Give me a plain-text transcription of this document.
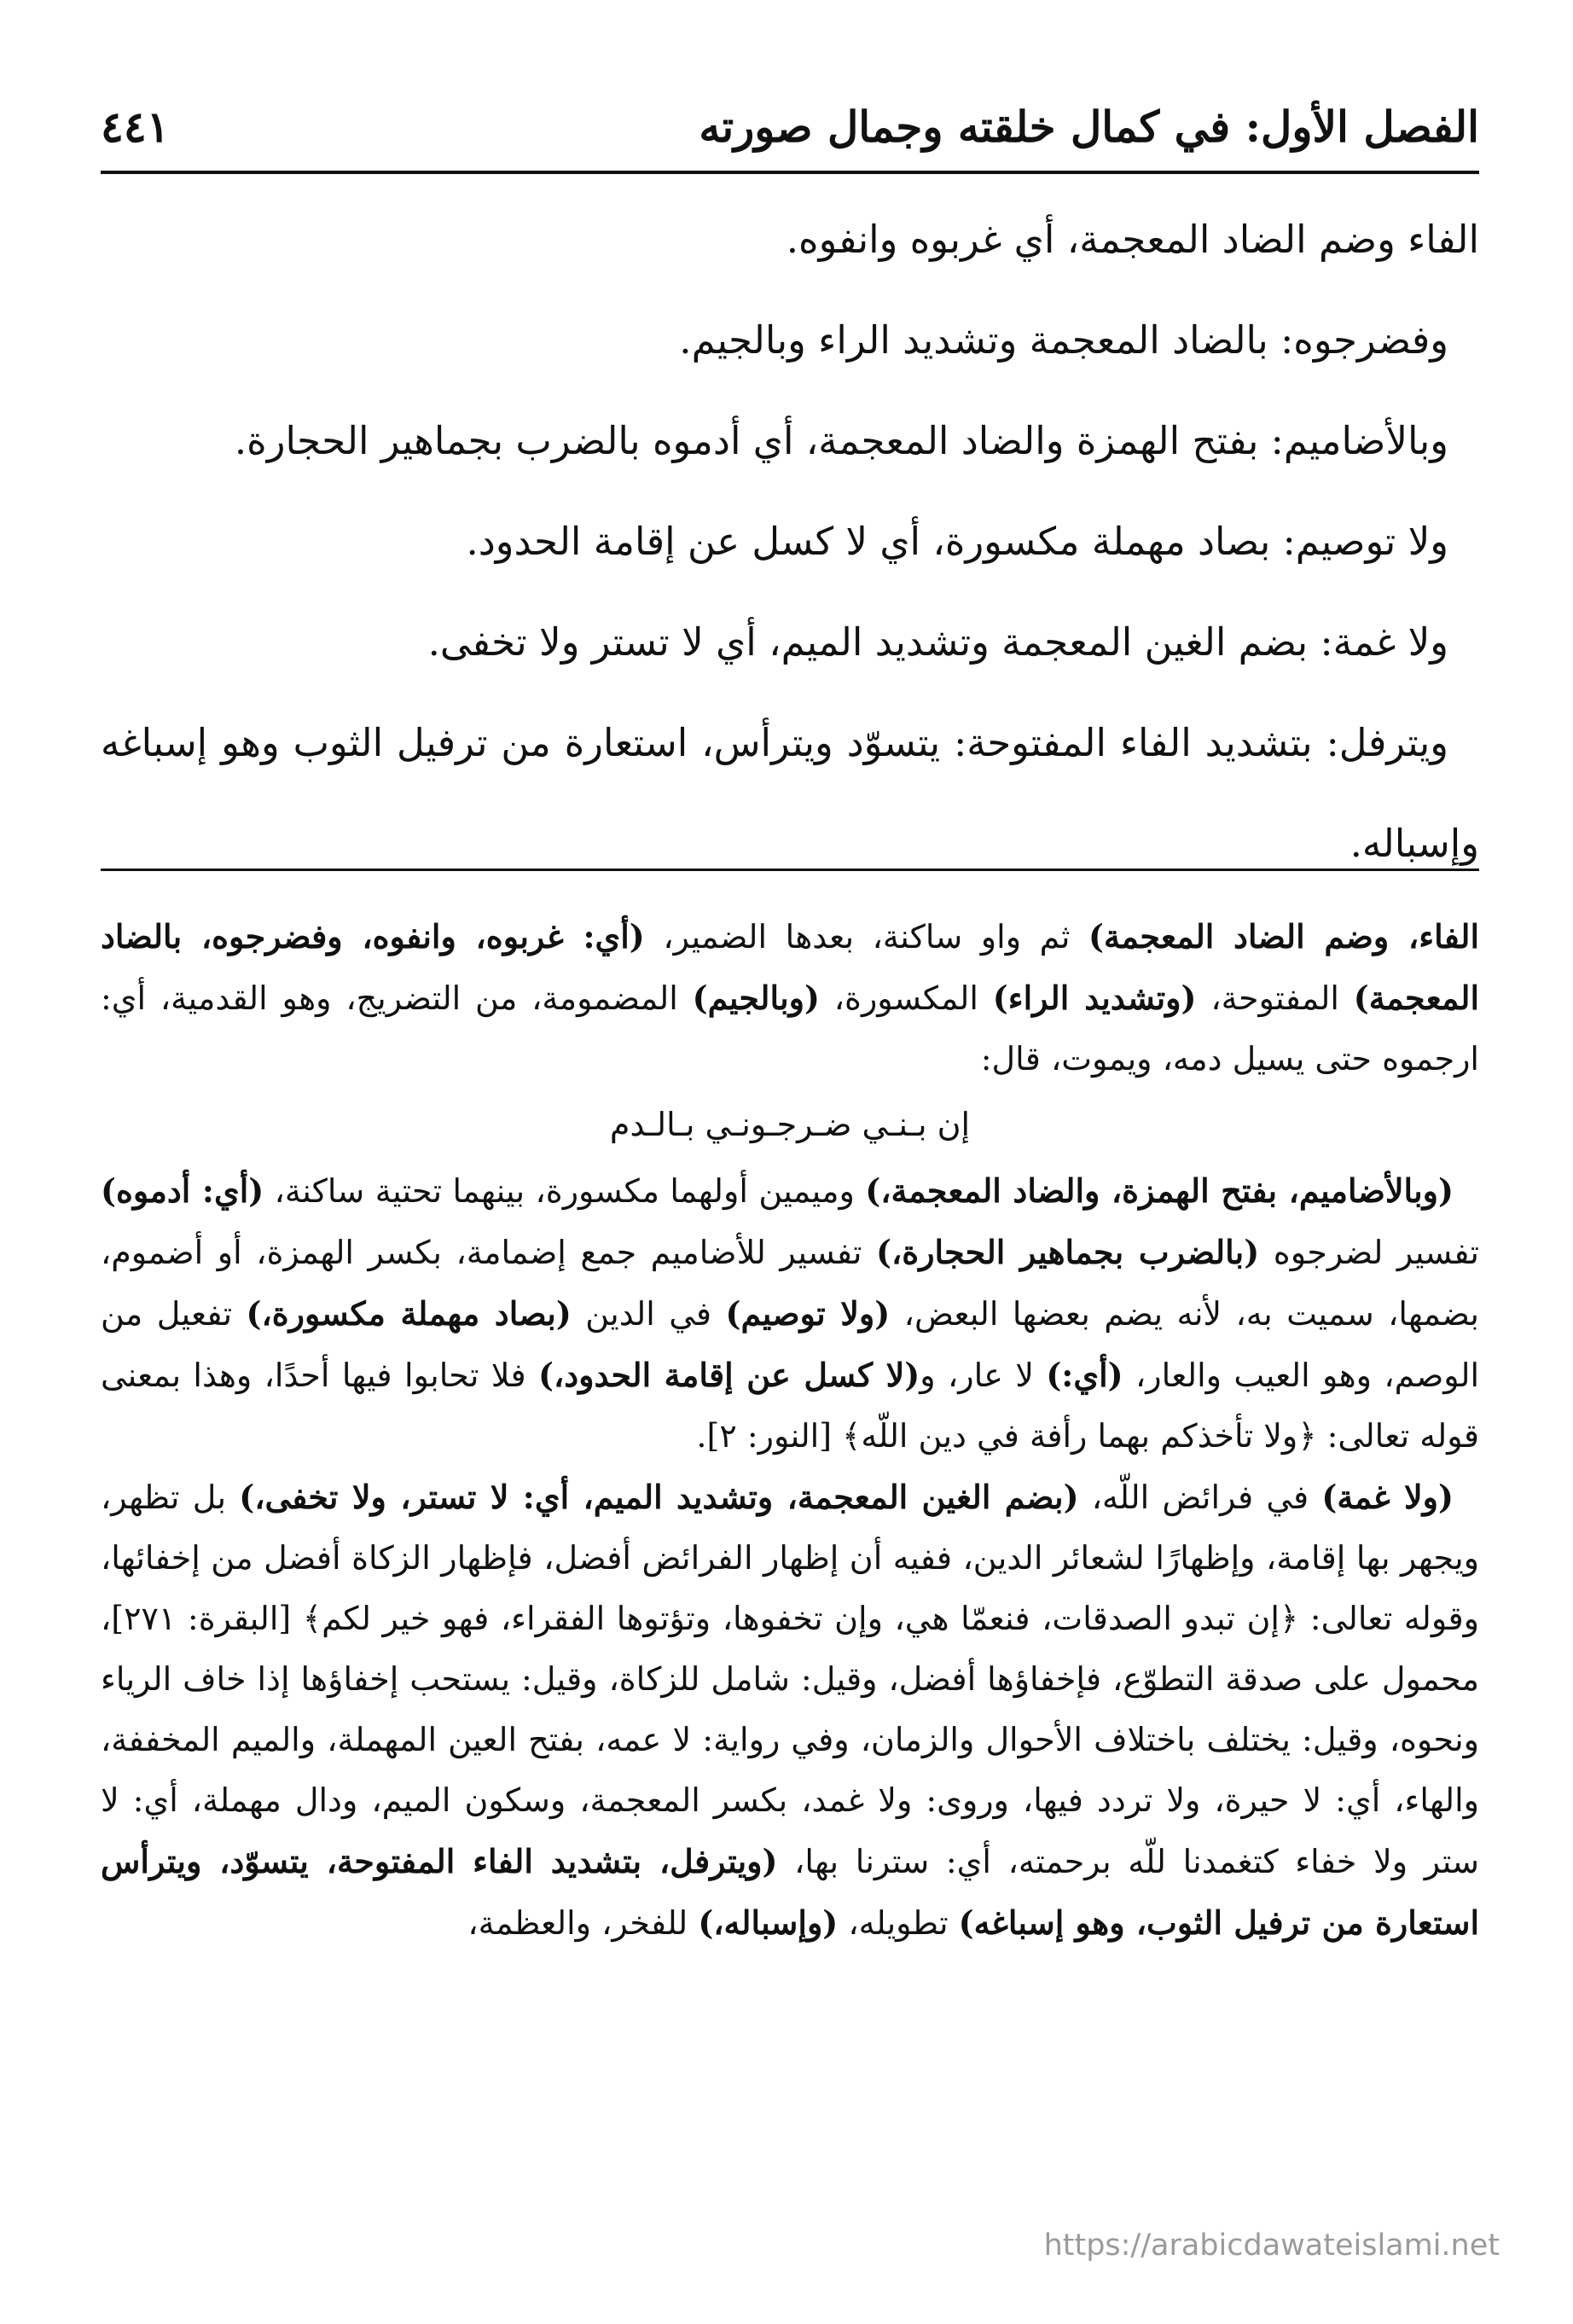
الفصل الأول: في كمال خلقته وجمال صورته
٤٤١

الفاء وضم الضاد المعجمة، أي غربوه وانفوه.

وفضرجوه: بالضاد المعجمة وتشديد الراء وبالجيم.

وبالأضاميم: بفتح الهمزة والضاد المعجمة، أي أدموه بالضرب بجماهير الحجارة.

ولا توصيم: بصاد مهملة مكسورة، أي لا كسل عن إقامة الحدود.

ولا غمة: بضم الغين المعجمة وتشديد الميم، أي لا تستر ولا تخفى.

ويترفل: بتشديد الفاء المفتوحة: يتسوّد ويترأس، استعارة من ترفيل الثوب وهو إسباغه وإسباله.

الفاء، وضم الضاد المعجمة) ثم واو ساكنة، بعدها الضمير، (أي: غربوه، وانفوه، وفضرجوه، بالضاد المعجمة) المفتوحة، (وتشديد الراء) المكسورة، (وبالجيم) المضمومة، من التضريج، وهو القدمية، أي: ارجموه حتى يسيل دمه، ويموت، قال:

إن بـنـي ضـرجـونـي بـالـدم

(وبالأضاميم، بفتح الهمزة، والضاد المعجمة،) وميمين أولهما مكسورة، بينهما تحتية ساكنة، (أي: أدموه) تفسير لضرجوه (بالضرب بجماهير الحجارة،) تفسير للأضاميم جمع إضمامة، بكسر الهمزة، أو أضموم، بضمها، سميت به، لأنه يضم بعضها البعض، (ولا توصيم) في الدين (بصاد مهملة مكسورة،) تفعيل من الوصم، وهو العيب والعار، (أي:) لا عار، و(لا كسل عن إقامة الحدود،) فلا تحابوا فيها أحدًا، وهذا بمعنى قوله تعالى: ﴿ولا تأخذكم بهما رأفة في دين اللّه﴾ [النور: ٢].

(ولا غمة) في فرائض اللّه، (بضم الغين المعجمة، وتشديد الميم، أي: لا تستر، ولا تخفى،) بل تظهر، ويجهر بها إقامة، وإظهارًا لشعائر الدين، ففيه أن إظهار الفرائض أفضل، فإظهار الزكاة أفضل من إخفائها، وقوله تعالى: ﴿إن تبدو الصدقات، فنعمّا هي، وإن تخفوها، وتؤتوها الفقراء، فهو خير لكم﴾ [البقرة: ٢٧١]، محمول على صدقة التطوّع، فإخفاؤها أفضل، وقيل: شامل للزكاة، وقيل: يستحب إخفاؤها إذا خاف الرياء ونحوه، وقيل: يختلف باختلاف الأحوال والزمان، وفي رواية: لا عمه، بفتح العين المهملة، والميم المخففة، والهاء، أي: لا حيرة، ولا تردد فيها، وروى: ولا غمد، بكسر المعجمة، وسكون الميم، ودال مهملة، أي: لا ستر ولا خفاء كتغمدنا للّه برحمته، أي: سترنا بها، (ويترفل، بتشديد الفاء المفتوحة، يتسوّد، ويترأس استعارة من ترفيل الثوب، وهو إسباغه) تطويله، (وإسباله،) للفخر، والعظمة،

https://arabicdawateislami.net
